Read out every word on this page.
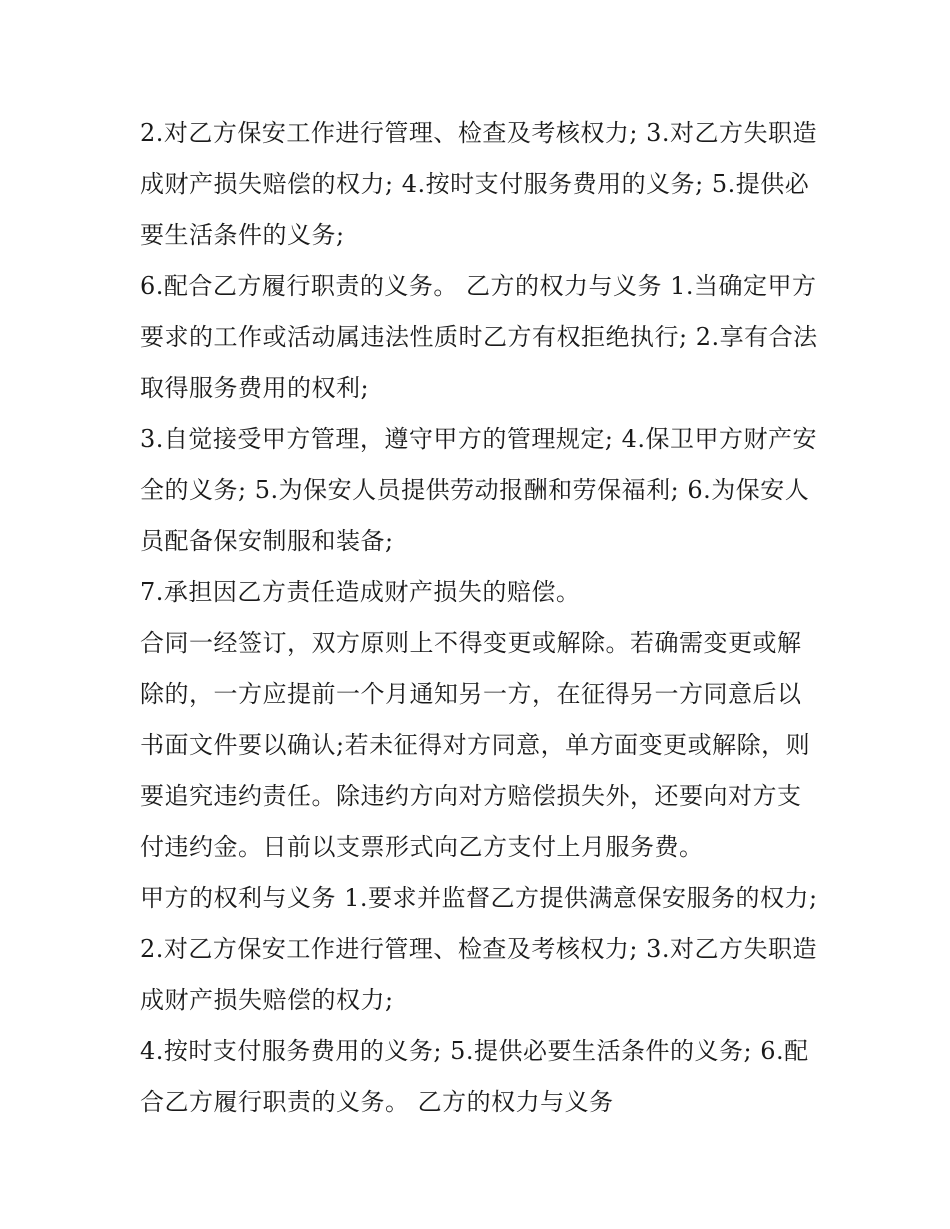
2.对乙方保安工作进行管理、检查及考核权力; 3.对乙方失职造成财产损失赔偿的权力; 4.按时支付服务费用的义务; 5.提供必要生活条件的义务;

6.配合乙方履行职责的义务。 乙方的权力与义务 1.当确定甲方要求的工作或活动属违法性质时乙方有权拒绝执行; 2.享有合法取得服务费用的权利;

3.自觉接受甲方管理，遵守甲方的管理规定; 4.保卫甲方财产安全的义务; 5.为保安人员提供劳动报酬和劳保福利; 6.为保安人员配备保安制服和装备;

7.承担因乙方责任造成财产损失的赔偿。

合同一经签订，双方原则上不得变更或解除。若确需变更或解除的，一方应提前一个月通知另一方，在征得另一方同意后以书面文件要以确认;若未征得对方同意，单方面变更或解除，则要追究违约责任。除违约方向对方赔偿损失外，还要向对方支付违约金。日前以支票形式向乙方支付上月服务费。

甲方的权利与义务 1.要求并监督乙方提供满意保安服务的权力; 2.对乙方保安工作进行管理、检查及考核权力; 3.对乙方失职造成财产损失赔偿的权力;

4.按时支付服务费用的义务; 5.提供必要生活条件的义务; 6.配合乙方履行职责的义务。 乙方的权力与义务
